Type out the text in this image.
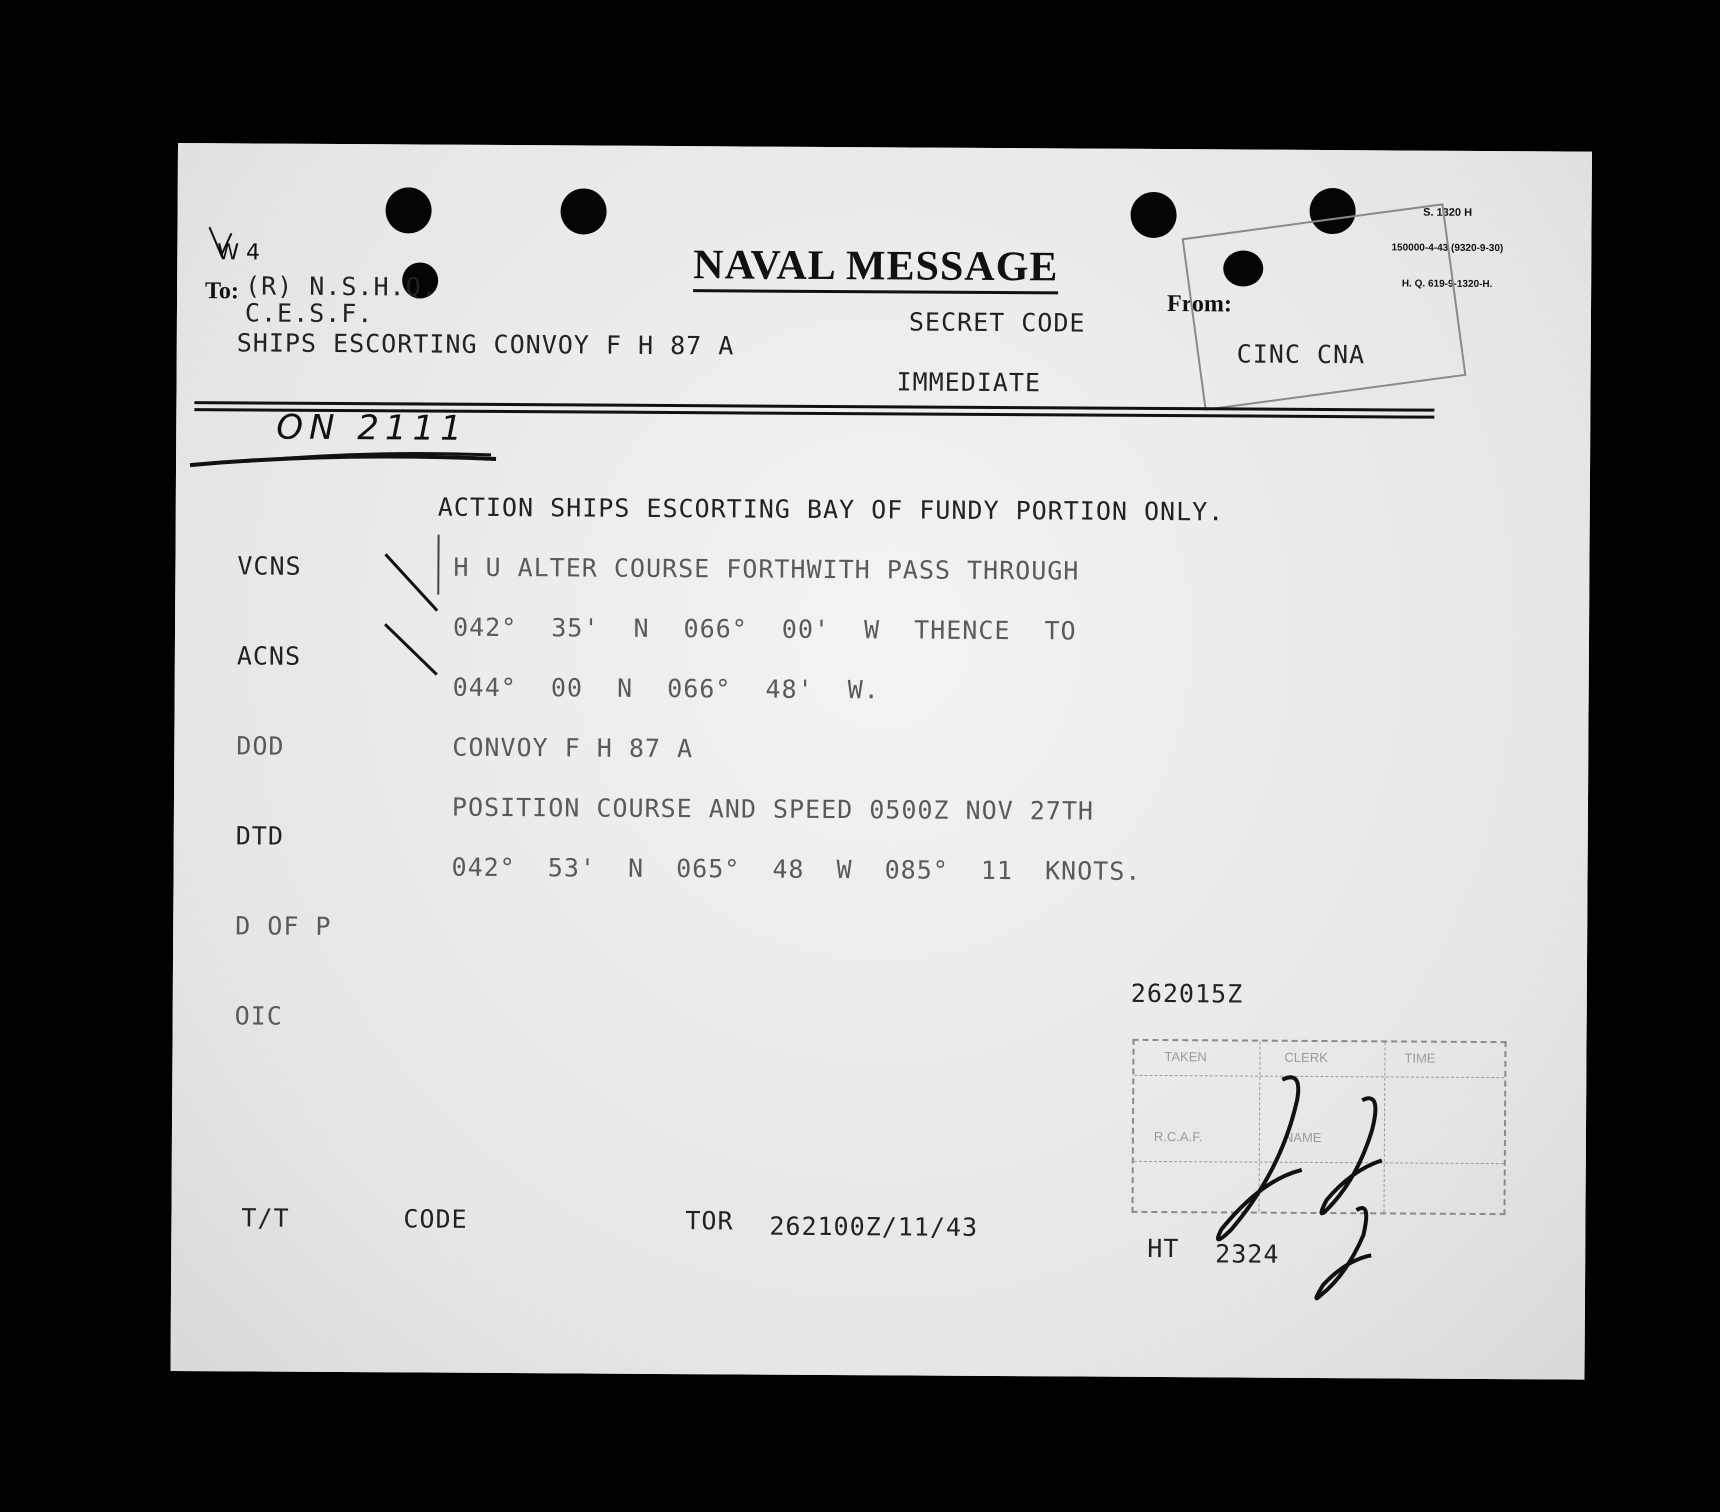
S. 1320 H

150000-4-43 (9320-9-30)

H. Q. 619-9-1320-H.

NAVAL MESSAGE
W 4
To: (R) N.S.H.Q.
C.E.S.F.
SHIPS ESCORTING CONVOY F H 87 A
SECRET CODE
IMMEDIATE
From:
CINC CNA
ON 2111

VCNS

ACNS

DOD

DTD

D OF P

OIC

ACTION SHIPS ESCORTING BAY OF FUNDY PORTION ONLY.
H U ALTER COURSE FORTHWITH PASS THROUGH
042° 35' N 066° 00' W THENCE TO
044° 00 N 066° 48' W.
CONVOY F H 87 A
POSITION COURSE AND SPEED 0500Z NOV 27TH
042° 53' N 065° 48 W 085° 11 KNOTS.
262015Z
TAKEN	CLERK	TIME
R.C.A.F.	NAME
T/T	CODE	TOR 262100Z/11/43
HT 2324
